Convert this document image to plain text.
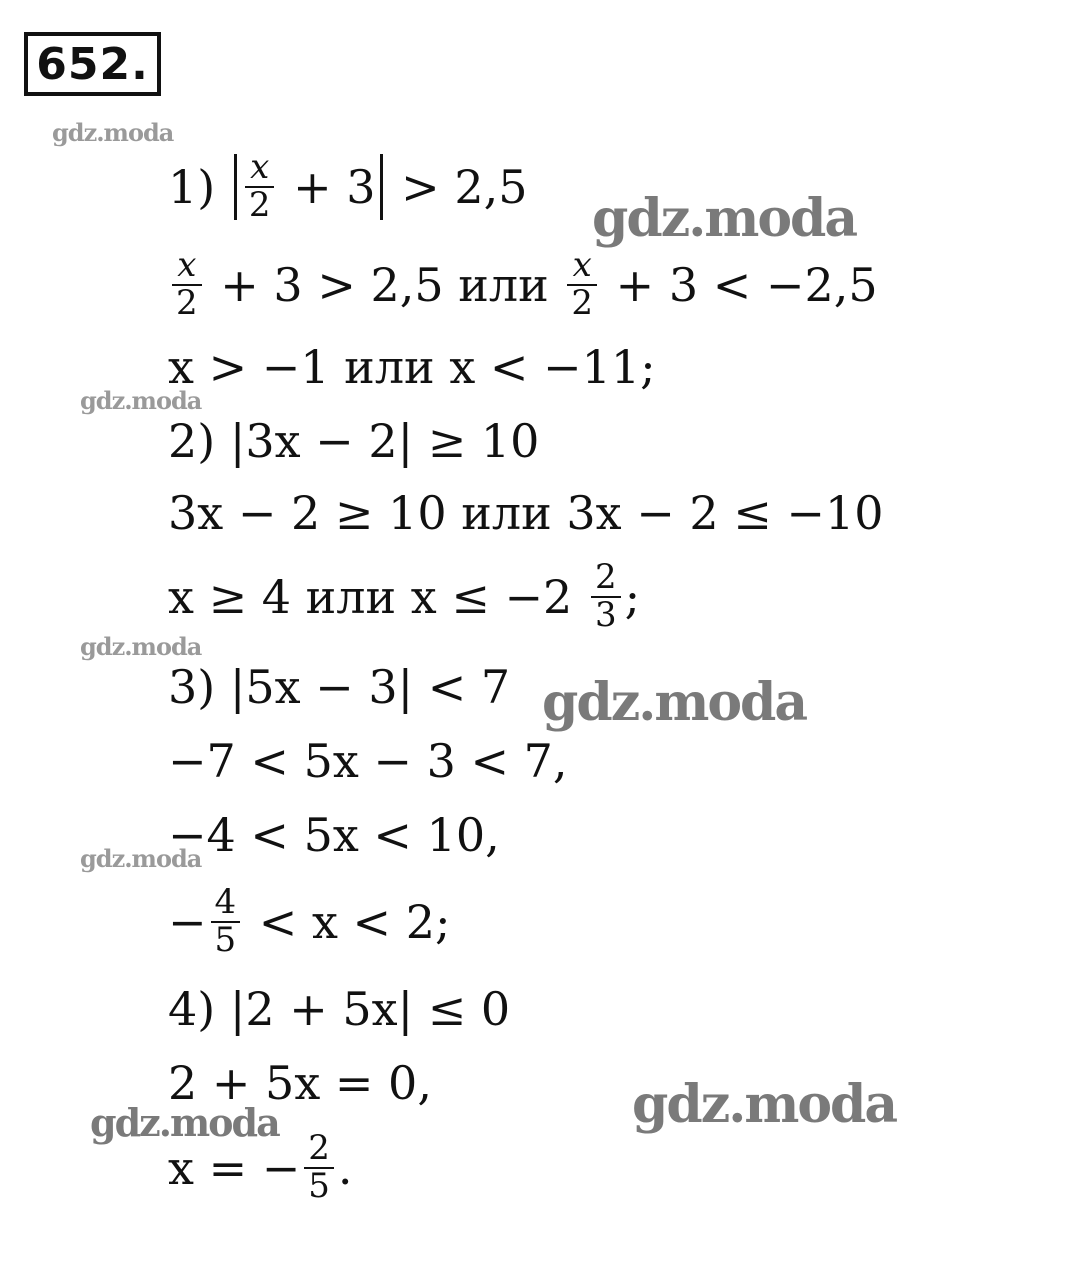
652.
gdz.moda
gdz.moda
gdz.moda
gdz.moda
gdz.moda
gdz.moda
gdz.moda
gdz.moda
$1) \frac{x}{2} + 3 > 2,5$
$\frac{x}{2} + 3 > 2,5$ или $\frac{x}{2} + 3 < -2,5$
x > −1 или x < −11;
2) |3x − 2| ≥ 10
3x − 2 ≥ 10 или 3x − 2 ≤ −10
x ≥ 4 или $x \le -2 \frac{2}{3}$ ;
3) |5x − 3| < 7
−7 < 5x − 3 < 7,
−4 < 5x < 10,
− $\frac{4}{5} < x < 2$;
4) |2 + 5x| ≤ 0
2 + 5x = 0,
x = − $\frac{2}{5}$ .
